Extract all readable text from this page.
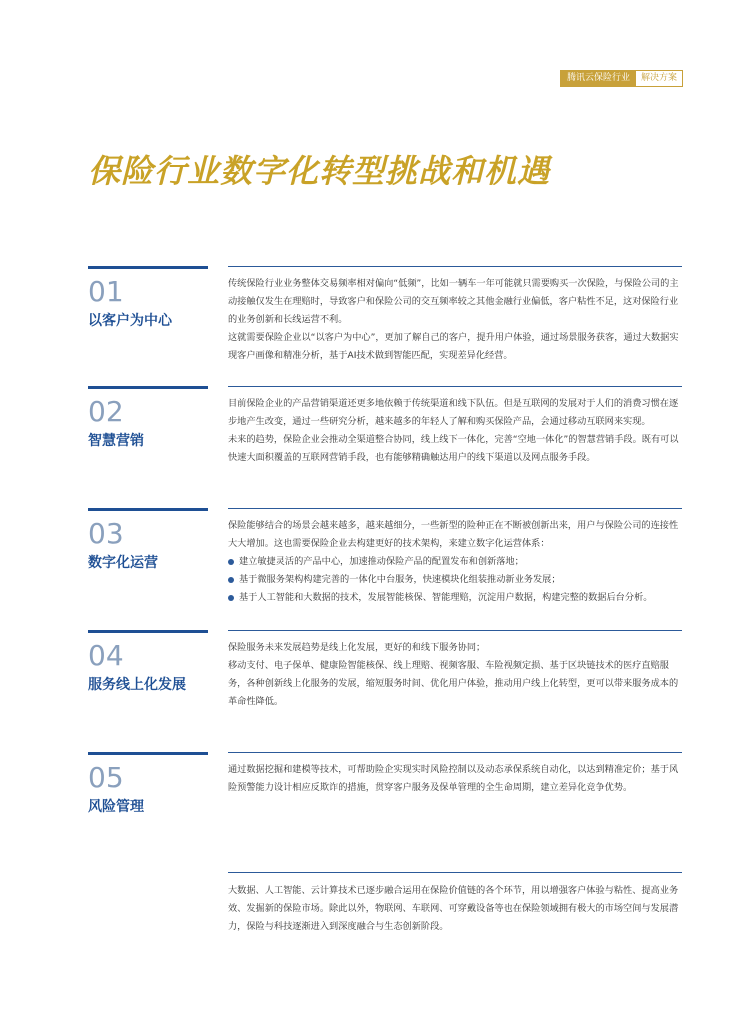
腾讯云保险行业	解决方案
保险行业数字化转型挑战和机遇
01
以客户为中心

传统保险行业业务整体交易频率相对偏向“低频”，比如一辆车一年可能就只需要购买一次保险，与保险公司的主动接触仅发生在理赔时，导致客户和保险公司的交互频率较之其他金融行业偏低，客户粘性不足，这对保险行业的业务创新和长线运营不利。

这就需要保险企业以“以客户为中心”，更加了解自己的客户，提升用户体验，通过场景服务获客，通过大数据实现客户画像和精准分析，基于AI技术做到智能匹配，实现差异化经营。

02
智慧营销

目前保险企业的产品营销渠道还更多地依赖于传统渠道和线下队伍。但是互联网的发展对于人们的消费习惯在逐步地产生改变，通过一些研究分析，越来越多的年轻人了解和购买保险产品，会通过移动互联网来实现。

未来的趋势，保险企业会推动全渠道整合协同，线上线下一体化，完善“空地一体化”的智慧营销手段。既有可以快速大面积覆盖的互联网营销手段，也有能够精确触达用户的线下渠道以及网点服务手段。

03
数字化运营

保险能够结合的场景会越来越多，越来越细分，一些新型的险种正在不断被创新出来，用户与保险公司的连接性大大增加。这也需要保险企业去构建更好的技术架构，来建立数字化运营体系：

建立敏捷灵活的产品中心，加速推动保险产品的配置发布和创新落地；
基于微服务架构构建完善的一体化中台服务，快速模块化组装推动新业务发展；
基于人工智能和大数据的技术，发展智能核保、智能理赔，沉淀用户数据，构建完整的数据后台分析。
04
服务线上化发展

保险服务未来发展趋势是线上化发展，更好的和线下服务协同；

移动支付、电子保单、健康险智能核保、线上理赔、视频客服、车险视频定损、基于区块链技术的医疗直赔服务，各种创新线上化服务的发展，缩短服务时间、优化用户体验，推动用户线上化转型，更可以带来服务成本的革命性降低。

05
风险管理

通过数据挖掘和建模等技术，可帮助险企实现实时风险控制以及动态承保系统自动化，以达到精准定价；基于风险预警能力设计相应反欺诈的措施，贯穿客户服务及保单管理的全生命周期，建立差异化竞争优势。

大数据、人工智能、云计算技术已逐步融合运用在保险价值链的各个环节，用以增强客户体验与粘性、提高业务效、发掘新的保险市场。除此以外，物联网、车联网、可穿戴设备等也在保险领域拥有极大的市场空间与发展潜力，保险与科技逐渐进入到深度融合与生态创新阶段。
